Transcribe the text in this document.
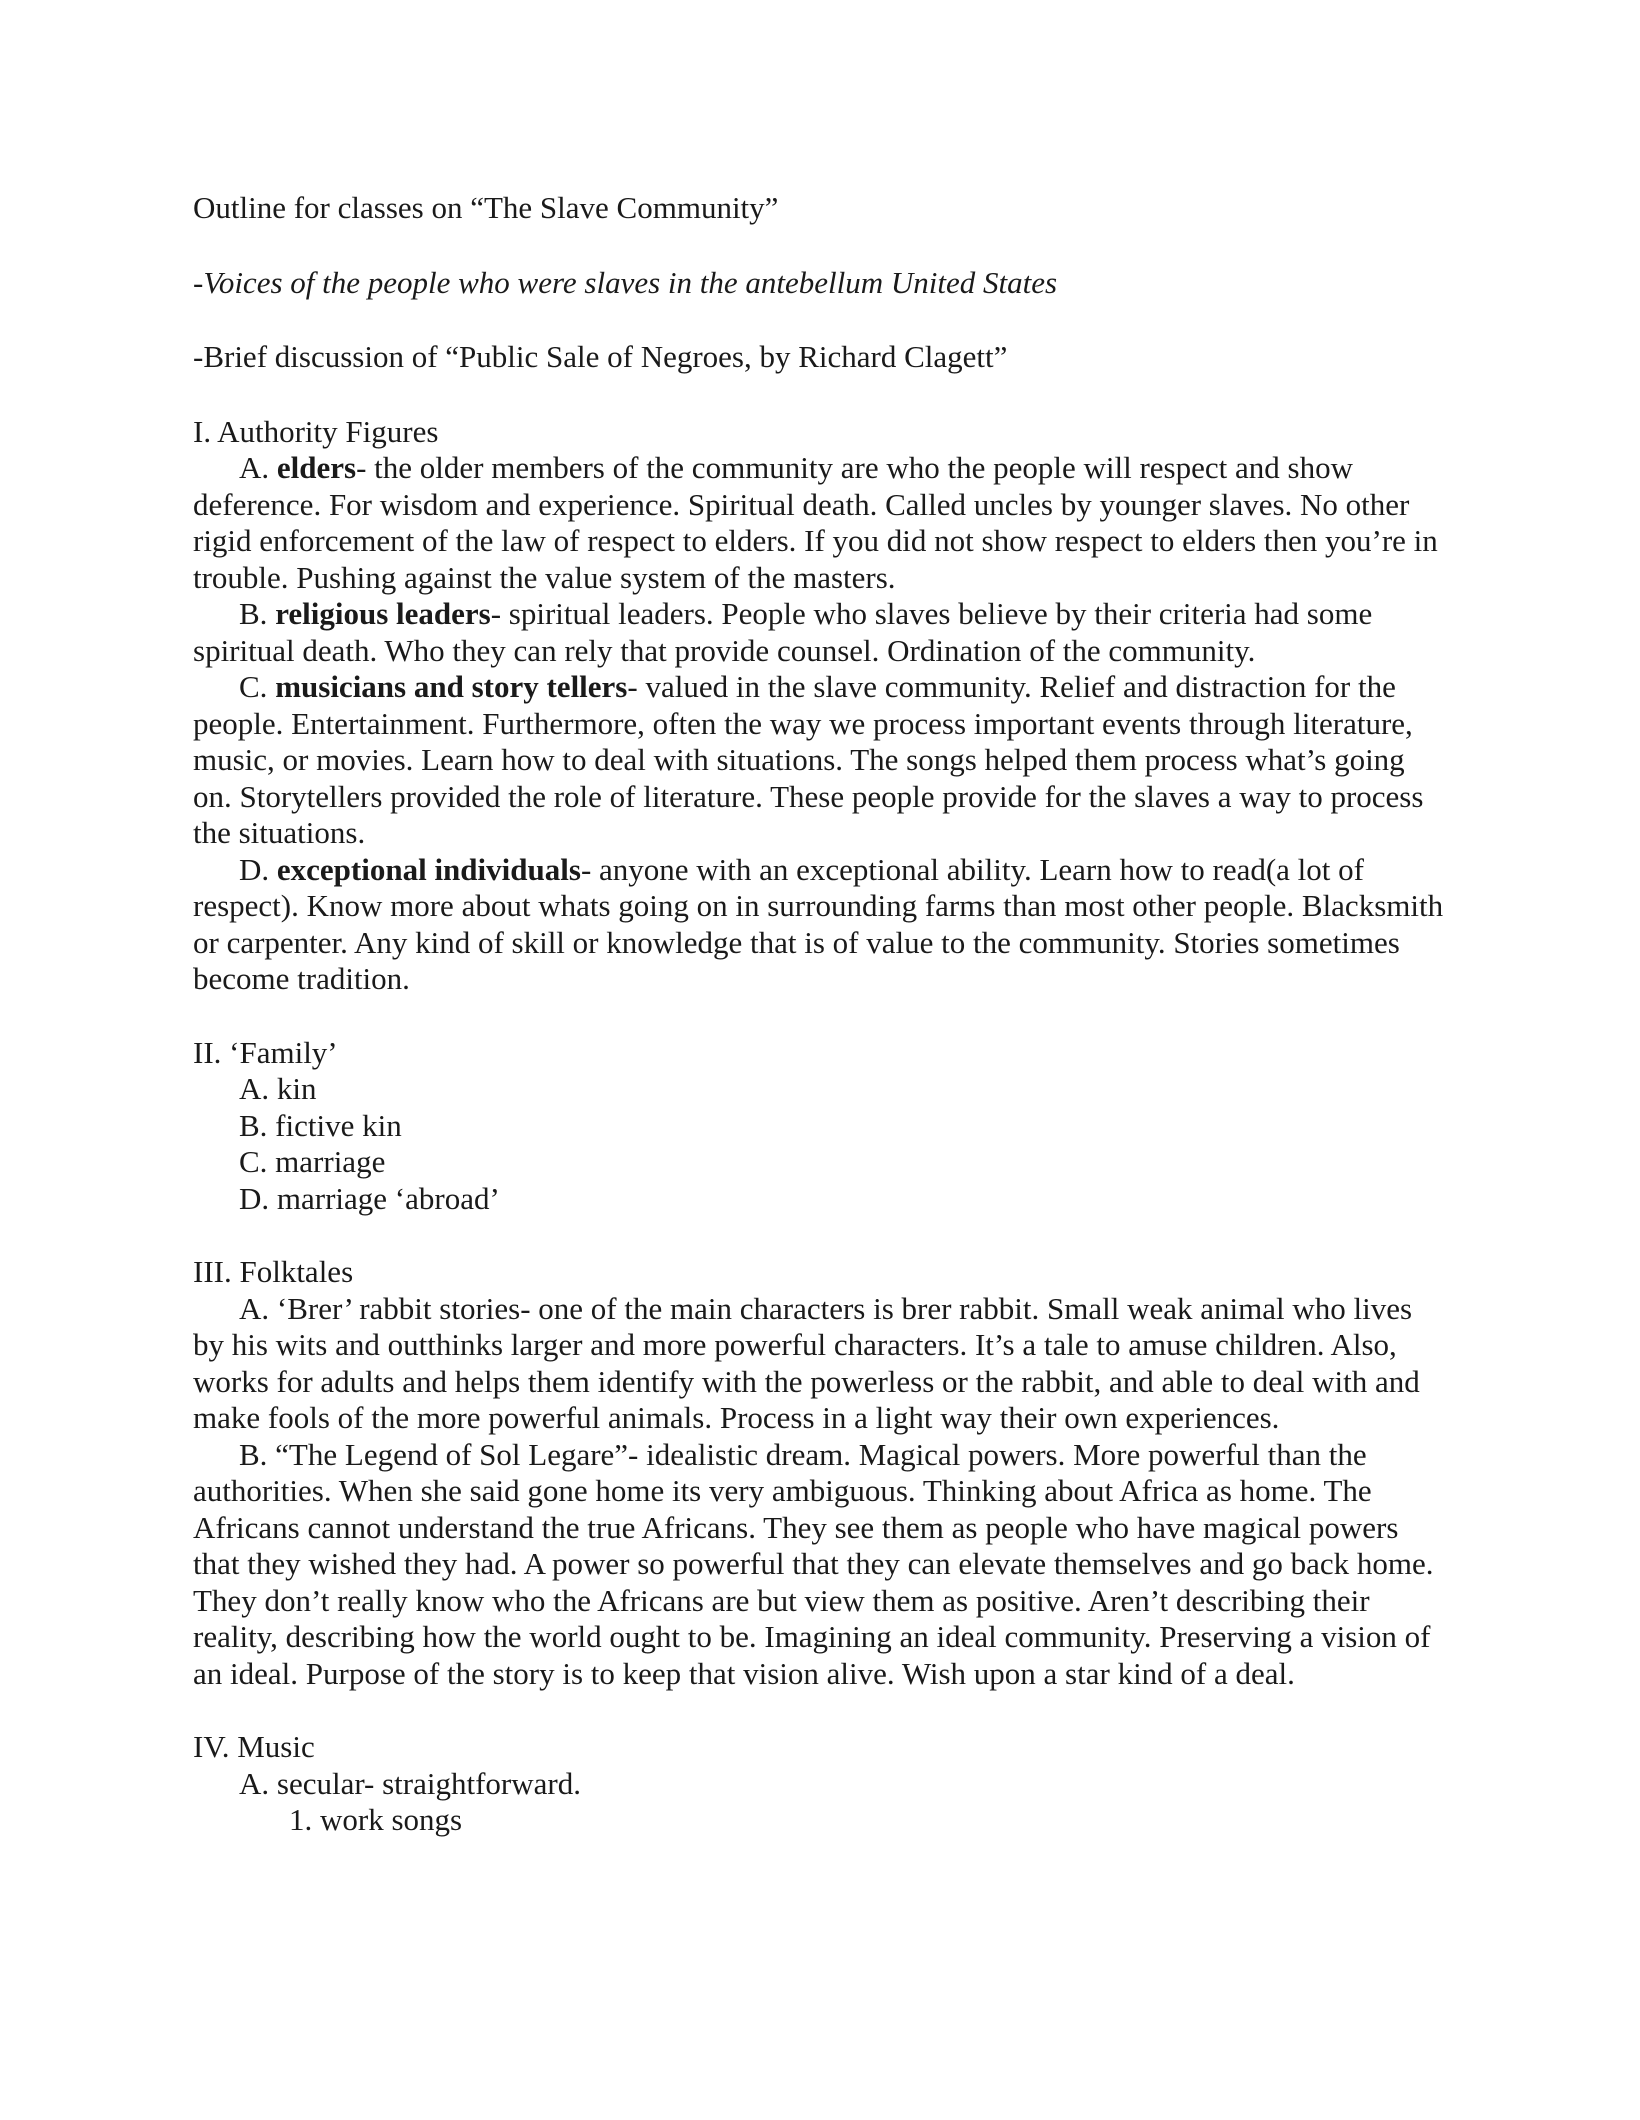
Outline for classes on “The Slave Community”

-Voices of the people who were slaves in the antebellum United States

-Brief discussion of “Public Sale of Negroes, by Richard Clagett”

I. Authority Figures

A. elders- the older members of the community are who the people will respect and show deference. For wisdom and experience. Spiritual death. Called uncles by younger slaves. No other rigid enforcement of the law of respect to elders. If you did not show respect to elders then you’re in trouble. Pushing against the value system of the masters.

B. religious leaders- spiritual leaders. People who slaves believe by their criteria had some spiritual death. Who they can rely that provide counsel. Ordination of the community.

C. musicians and story tellers- valued in the slave community. Relief and distraction for the people. Entertainment. Furthermore, often the way we process important events through literature, music, or movies. Learn how to deal with situations. The songs helped them process what’s going on. Storytellers provided the role of literature. These people provide for the slaves a way to process the situations.

D. exceptional individuals- anyone with an exceptional ability. Learn how to read(a lot of respect). Know more about whats going on in surrounding farms than most other people. Blacksmith or carpenter. Any kind of skill or knowledge that is of value to the community. Stories sometimes become tradition.

II. ‘Family’

A. kin

B. fictive kin

C. marriage

D. marriage ‘abroad’

III. Folktales

A. ‘Brer’ rabbit stories- one of the main characters is brer rabbit. Small weak animal who lives by his wits and outthinks larger and more powerful characters. It’s a tale to amuse children. Also, works for adults and helps them identify with the powerless or the rabbit, and able to deal with and make fools of the more powerful animals. Process in a light way their own experiences.

B. “The Legend of Sol Legare”- idealistic dream. Magical powers. More powerful than the authorities. When she said gone home its very ambiguous. Thinking about Africa as home. The Africans cannot understand the true Africans. They see them as people who have magical powers that they wished they had. A power so powerful that they can elevate themselves and go back home. They don’t really know who the Africans are but view them as positive. Aren’t describing their reality, describing how the world ought to be. Imagining an ideal community. Preserving a vision of an ideal. Purpose of the story is to keep that vision alive. Wish upon a star kind of a deal.

IV. Music

A. secular- straightforward.

1. work songs
